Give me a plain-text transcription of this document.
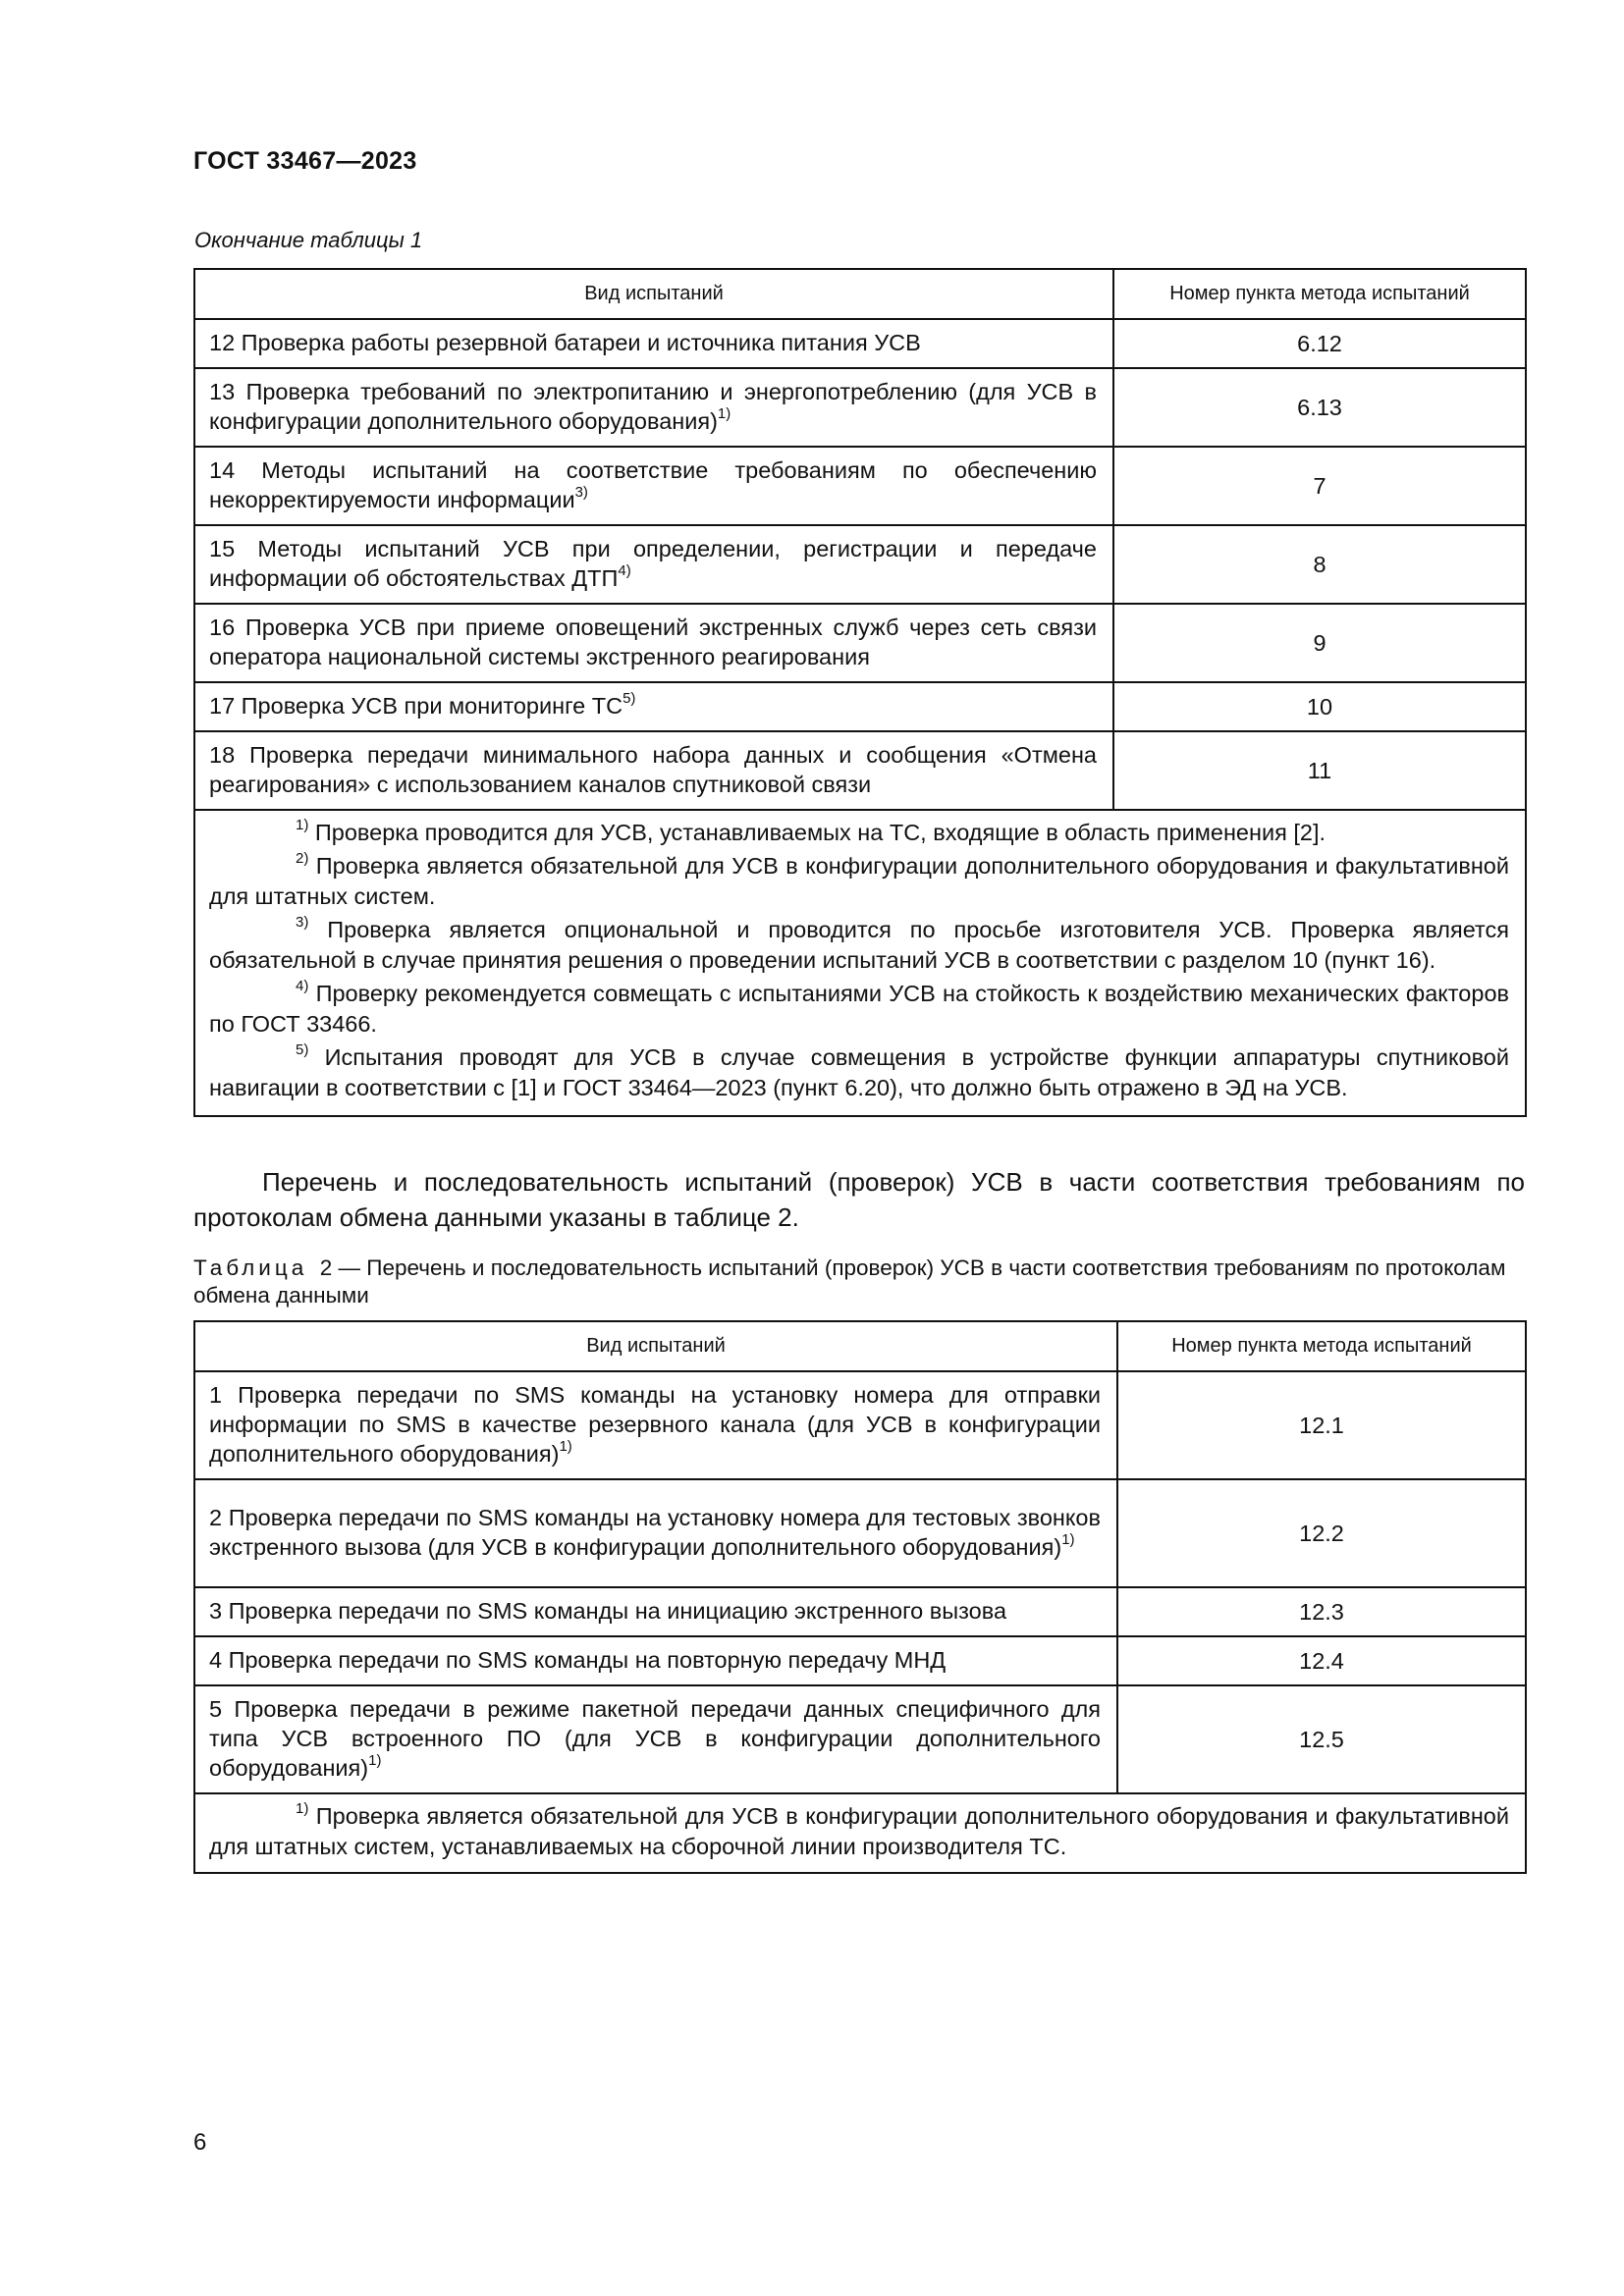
ГОСТ 33467—2023
Окончание таблицы 1
Вид испытаний	Номер пункта метода испытаний
12 Проверка работы резервной батареи и источника питания УСВ	6.12
13 Проверка требований по электропитанию и энергопотреблению (для УСВ в конфигурации дополнительного оборудования)$^{1)}$	6.13
14 Методы испытаний на соответствие требованиям по обеспечению некорректируемости информации$^{3)}$	7
15 Методы испытаний УСВ при определении, регистрации и передаче информации об обстоятельствах ДТП$^{4)}$	8
16 Проверка УСВ при приеме оповещений экстренных служб через сеть связи оператора национальной системы экстренного реагирования	9
17 Проверка УСВ при мониторинге ТС$^{5)}$	10
18 Проверка передачи минимального набора данных и сообщения «Отмена реагирования» с использованием каналов спутниковой связи	11

$^{1)}$ Проверка проводится для УСВ, устанавливаемых на ТС, входящие в область применения [2].
$^{2)}$ Проверка является обязательной для УСВ в конфигурации дополнительного оборудования и факультативной для штатных систем.
$^{3)}$ Проверка является опциональной и проводится по просьбе изготовителя УСВ. Проверка является обязательной в случае принятия решения о проведении испытаний УСВ в соответствии с разделом 10 (пункт 16).
$^{4)}$ Проверку рекомендуется совмещать с испытаниями УСВ на стойкость к воздействию механических факторов по ГОСТ 33466.
$^{5)}$ Испытания проводят для УСВ в случае совмещения в устройстве функции аппаратуры спутниковой навигации в соответствии с [1] и ГОСТ 33464—2023 (пункт 6.20), что должно быть отражено в ЭД на УСВ.	

Перечень и последовательность испытаний (проверок) УСВ в части соответствия требованиям по протоколам обмена данными указаны в таблице 2.

Таблица 2 — Перечень и последовательность испытаний (проверок) УСВ в части соответствия требованиям по протоколам обмена данными
Вид испытаний	Номер пункта метода испытаний
1 Проверка передачи по SMS команды на установку номера для отправки информации по SMS в качестве резервного канала (для УСВ в конфигурации дополнительного оборудования)$^{1)}$	12.1
2 Проверка передачи по SMS команды на установку номера для тестовых звонков экстренного вызова (для УСВ в конфигурации дополнительного оборудования)$^{1)}$	12.2
3 Проверка передачи по SMS команды на инициацию экстренного вызова	12.3
4 Проверка передачи по SMS команды на повторную передачу МНД	12.4
5 Проверка передачи в режиме пакетной передачи данных специфичного для типа УСВ встроенного ПО (для УСВ в конфигурации дополнительного оборудования)$^{1)}$	12.5

$^{1)}$ Проверка является обязательной для УСВ в конфигурации дополнительного оборудования и факультативной для штатных систем, устанавливаемых на сборочной линии производителя ТС.	
6
